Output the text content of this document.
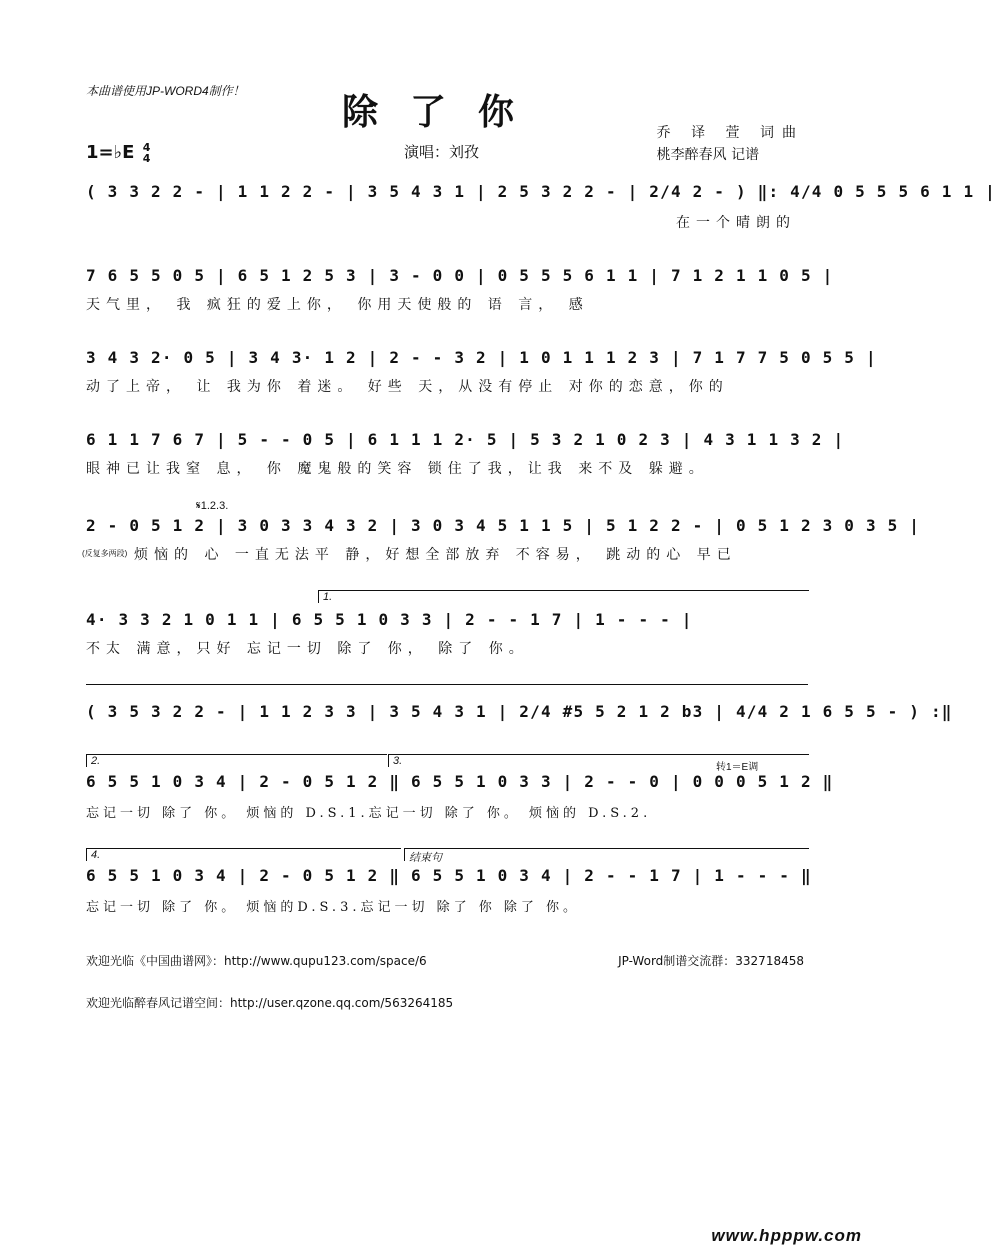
本曲谱使用JP-WORD4制作！
除了你	乔 译 萱 词曲
桃李醉春风 记谱
1=♭E 4
4	演唱：刘孜
( 3 3 2 2 - | 1 1 2 2 - | 3 5 4 3 1 | 2 5 3 2 2 - | 2/4 2 - ) ‖: 4/4 0 5 5 5 6 1 1 |
在一个晴朗的
7 6 5 5 0 5 | 6 5 1 2 5 3 | 3 - 0 0 | 0 5 5 5 6 1 1 | 7 1 2 1 1 0 5 |
天气里， 我 疯狂的爱上你， 你用天使般的 语 言， 感
3 4 3 2· 0 5 | 3 4 3· 1 2 | 2 - - 3 2 | 1 0 1 1 1 2 3 | 7 1 7 7 5 0 5 5 |
动了上帝， 让 我为你 着迷。 好些 天，从没有停止 对你的恋意，你的
6 1 1 7 6 7 | 5 - - 0 5 | 6 1 1 1 2· 5 | 5 3 2 1 0 2 3 | 4 3 1 1 3 2 |
眼神已让我窒 息， 你 魔鬼般的笑容 锁住了我，让我 来不及 躲避。
𝄋1.2.3.
2 - 0 5 1 2 | 3 0 3 3 4 3 2 | 3 0 3 4 5 1 1 5 | 5 1 2 2 - | 0 5 1 2 3 0 3 5 |
(反复多两段) 烦恼的 心 一直无法平 静，好想全部放弃 不容易， 跳动的心 早已
1.
4· 3 3 2 1 0 1 1 | 6 5 5 1 0 3 3 | 2 - - 1 7 | 1 - - - |
不太 满意，只好 忘记一切 除了 你， 除了 你。
( 3 5 3 2 2 - | 1 1 2 3 3 | 3 5 4 3 1 | 2/4 #5 5 2 1 2 b3 | 4/4 2 1 6 5 5 - ) :‖
2.	3.
转1＝E调
6 5 5 1 0 3 4 | 2 - 0 5 1 2 ‖ 6 5 5 1 0 3 3 | 2 - - 0 | 0 0 0 5 1 2 ‖
忘记一切 除了 你。 烦恼的 D.S.1.忘记一切 除了 你。 烦恼的 D.S.2.
4.	结束句
6 5 5 1 0 3 4 | 2 - 0 5 1 2 ‖ 6 5 5 1 0 3 4 | 2 - - 1 7 | 1 - - - ‖
忘记一切 除了 你。 烦恼的D.S.3.忘记一切 除了 你 除了 你。
欢迎光临《中国曲谱网》：http://www.qupu123.com/space/6	JP-Word制谱交流群：332718458
欢迎光临醉春风记谱空间：http://user.qzone.qq.com/563264185
www.hpppw.com
